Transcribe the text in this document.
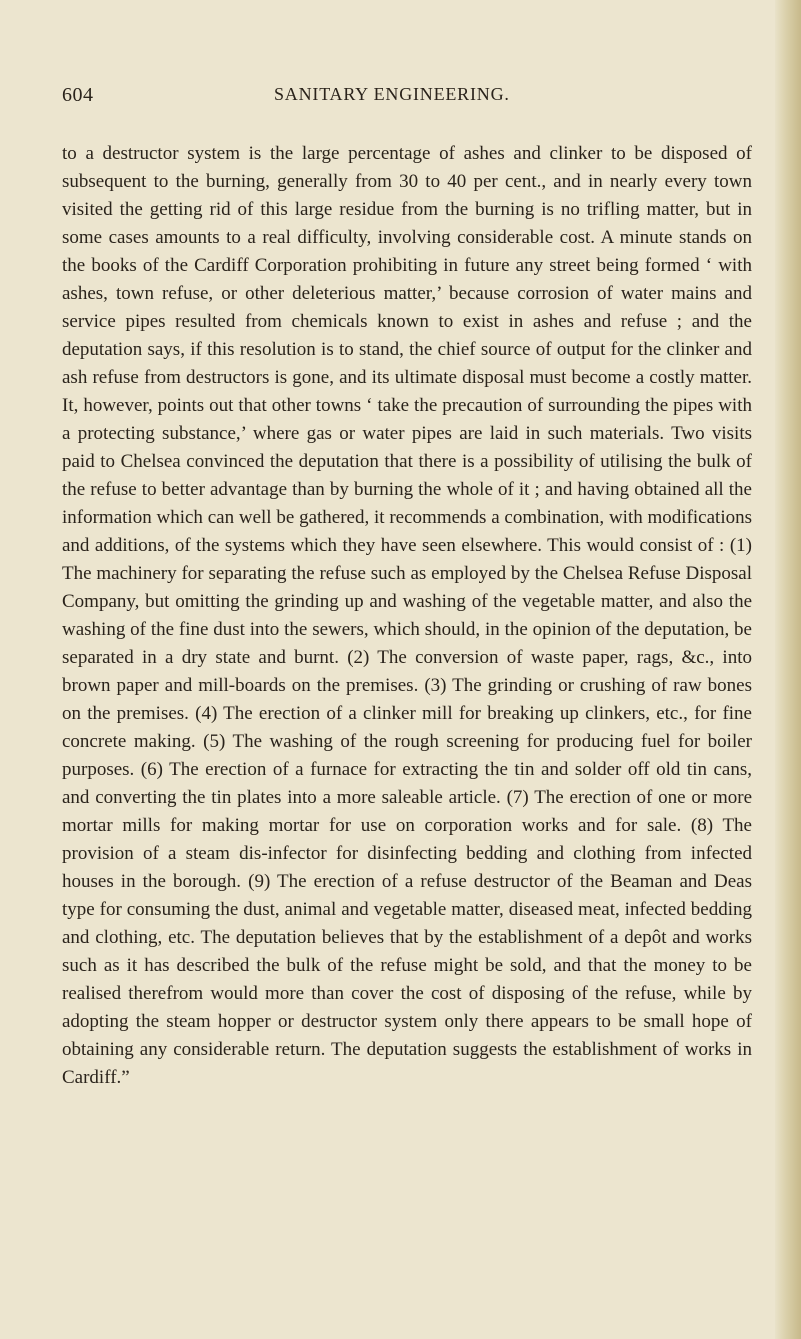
604	SANITARY ENGINEERING.

to a destructor system is the large percentage of ashes and clinker to be disposed of subsequent to the burning, generally from 30 to 40 per cent., and in nearly every town visited the getting rid of this large residue from the burning is no trifling matter, but in some cases amounts to a real difficulty, involving considerable cost. A minute stands on the books of the Cardiff Corporation prohibiting in future any street being formed ‘ with ashes, town refuse, or other deleterious matter,’ because corrosion of water mains and service pipes resulted from chemicals known to exist in ashes and refuse ; and the deputation says, if this resolution is to stand, the chief source of output for the clinker and ash refuse from destructors is gone, and its ultimate disposal must become a costly matter. It, however, points out that other towns ‘ take the precaution of surrounding the pipes with a protecting substance,’ where gas or water pipes are laid in such materials. Two visits paid to Chelsea convinced the deputation that there is a possibility of utilising the bulk of the refuse to better advantage than by burning the whole of it ; and having obtained all the information which can well be gathered, it recommends a combination, with modifications and additions, of the systems which they have seen elsewhere. This would consist of : (1) The machinery for separating the refuse such as employed by the Chelsea Refuse Disposal Company, but omitting the grinding up and washing of the vegetable matter, and also the washing of the fine dust into the sewers, which should, in the opinion of the deputation, be separated in a dry state and burnt. (2) The conversion of waste paper, rags, &c., into brown paper and mill-boards on the premises. (3) The grinding or crushing of raw bones on the premises. (4) The erection of a clinker mill for breaking up clinkers, etc., for fine concrete making. (5) The washing of the rough screening for producing fuel for boiler purposes. (6) The erection of a furnace for extracting the tin and solder off old tin cans, and converting the tin plates into a more saleable article. (7) The erection of one or more mortar mills for making mortar for use on corporation works and for sale. (8) The provision of a steam dis-infector for disinfecting bedding and clothing from infected houses in the borough. (9) The erection of a refuse destructor of the Beaman and Deas type for consuming the dust, animal and vegetable matter, diseased meat, infected bedding and clothing, etc. The deputation believes that by the establishment of a depôt and works such as it has described the bulk of the refuse might be sold, and that the money to be realised therefrom would more than cover the cost of disposing of the refuse, while by adopting the steam hopper or destructor system only there appears to be small hope of obtaining any considerable return. The deputation suggests the establishment of works in Cardiff.”
